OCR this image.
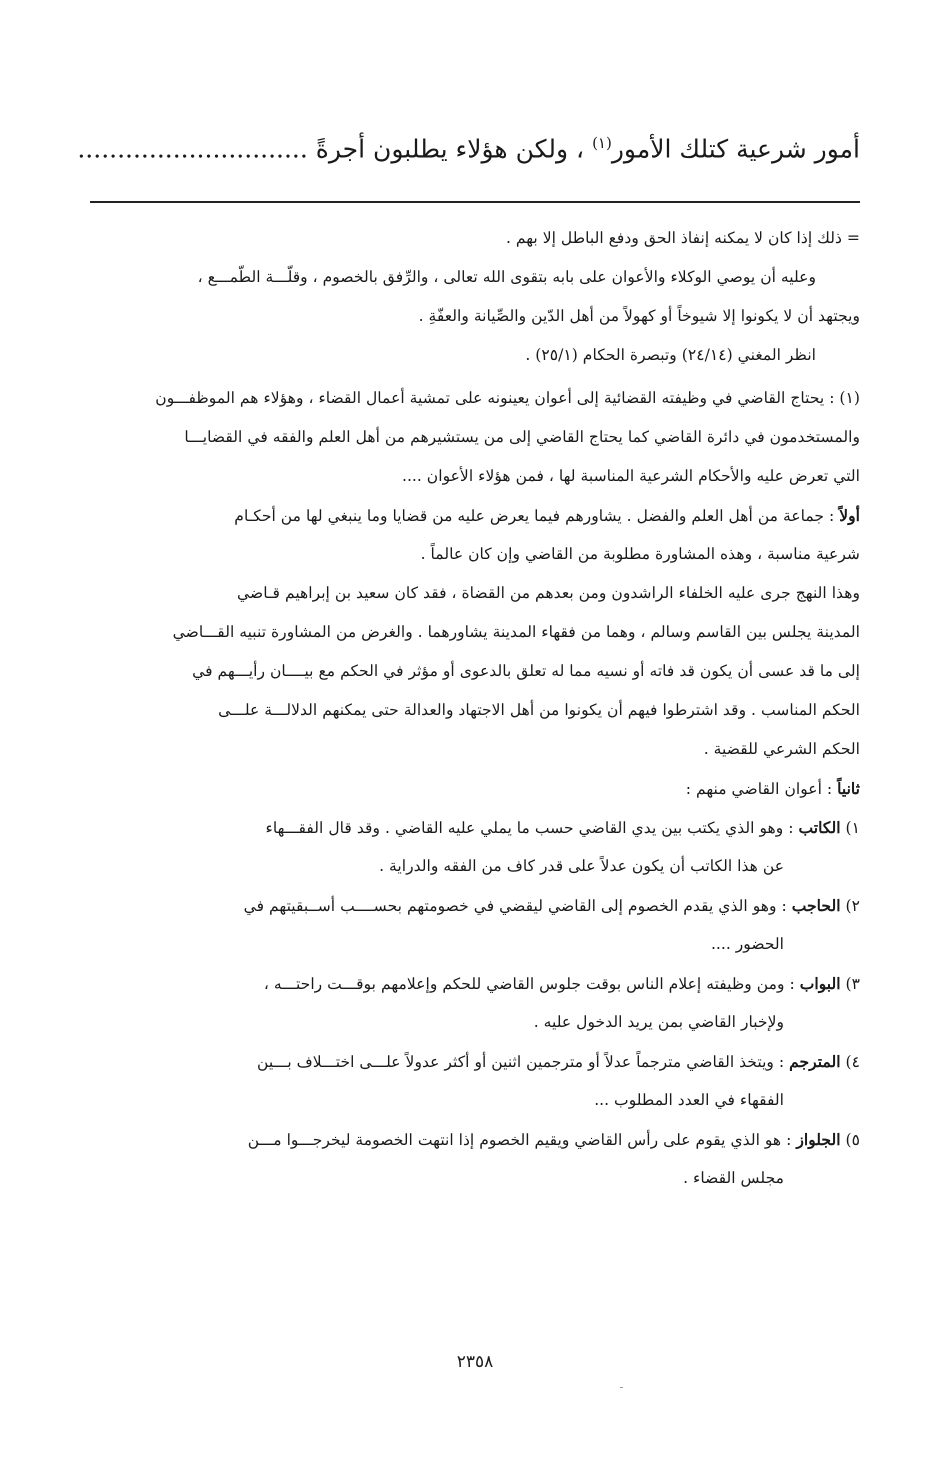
أمور شرعية كتلك الأمور$^{(١)}$ ، ولكن هؤلاء يطلبون أجرةً .............................
= ذلك إذا كان لا يمكنه إنفاذ الحق ودفع الباطل إلا بهم .
وعليه أن يوصي الوكلاء والأعوان على بابه بتقوى الله تعالى ، والرِّفق بالخصوم ، وقلّـــة الطّمـــع ،
ويجتهد أن لا يكونوا إلا شيوخاً أو كهولاً من أهل الدّين والصِّيانة والعفّةِ .
انظر المغني (٢٤/١٤) وتبصرة الحكام (٢٥/١) .
(١) : يحتاج القاضي في وظيفته القضائية إلى أعوان يعينونه على تمشية أعمال القضاء ، وهؤلاء هم الموظفـــون
والمستخدمون في دائرة القاضي كما يحتاج القاضي إلى من يستشيرهم من أهل العلم والفقه في القضايـــا
التي تعرض عليه والأحكام الشرعية المناسبة لها ، فمن هؤلاء الأعوان ....
أولاً : جماعة من أهل العلم والفضل . يشاورهم فيما يعرض عليه من قضايا وما ينبغي لها من أحكـام
شرعية مناسبة ، وهذه المشاورة مطلوبة من القاضي وإن كان عالماً .
وهذا النهج جرى عليه الخلفاء الراشدون ومن بعدهم من القضاة ، فقد كان سعيد بن إبراهيم قـاضي
المدينة يجلس بين القاسم وسالم ، وهما من فقهاء المدينة يشاورهما . والغرض من المشاورة تنبيه القـــاضي
إلى ما قد عسى أن يكون قد فاته أو نسيه مما له تعلق بالدعوى أو مؤثر في الحكم مع بيــــان رأيـــهم في
الحكم المناسب . وقد اشترطوا فيهم أن يكونوا من أهل الاجتهاد والعدالة حتى يمكنهم الدلالـــة علـــى
الحكم الشرعي للقضية .
ثانياً : أعوان القاضي منهم :
١) الكاتب : وهو الذي يكتب بين يدي القاضي حسب ما يملي عليه القاضي . وقد قال الفقـــهاء
عن هذا الكاتب أن يكون عدلاً على قدر كاف من الفقه والدراية .
٢) الحاجب : وهو الذي يقدم الخصوم إلى القاضي ليقضي في خصومتهم بحســــب أســبقيتهم في
الحضور ....
٣) البواب : ومن وظيفته إعلام الناس بوقت جلوس القاضي للحكم وإعلامهم بوقـــت راحتـــه ،
ولإخبار القاضي بمن يريد الدخول عليه .
٤) المترجم : ويتخذ القاضي مترجماً عدلاً أو مترجمين اثنين أو أكثر عدولاً علـــى اختـــلاف بـــين
الفقهاء في العدد المطلوب ...
٥) الجلواز : هو الذي يقوم على رأس القاضي ويقيم الخصوم إذا انتهت الخصومة ليخرجـــوا مـــن
مجلس القضاء .
٢٣٥٨
